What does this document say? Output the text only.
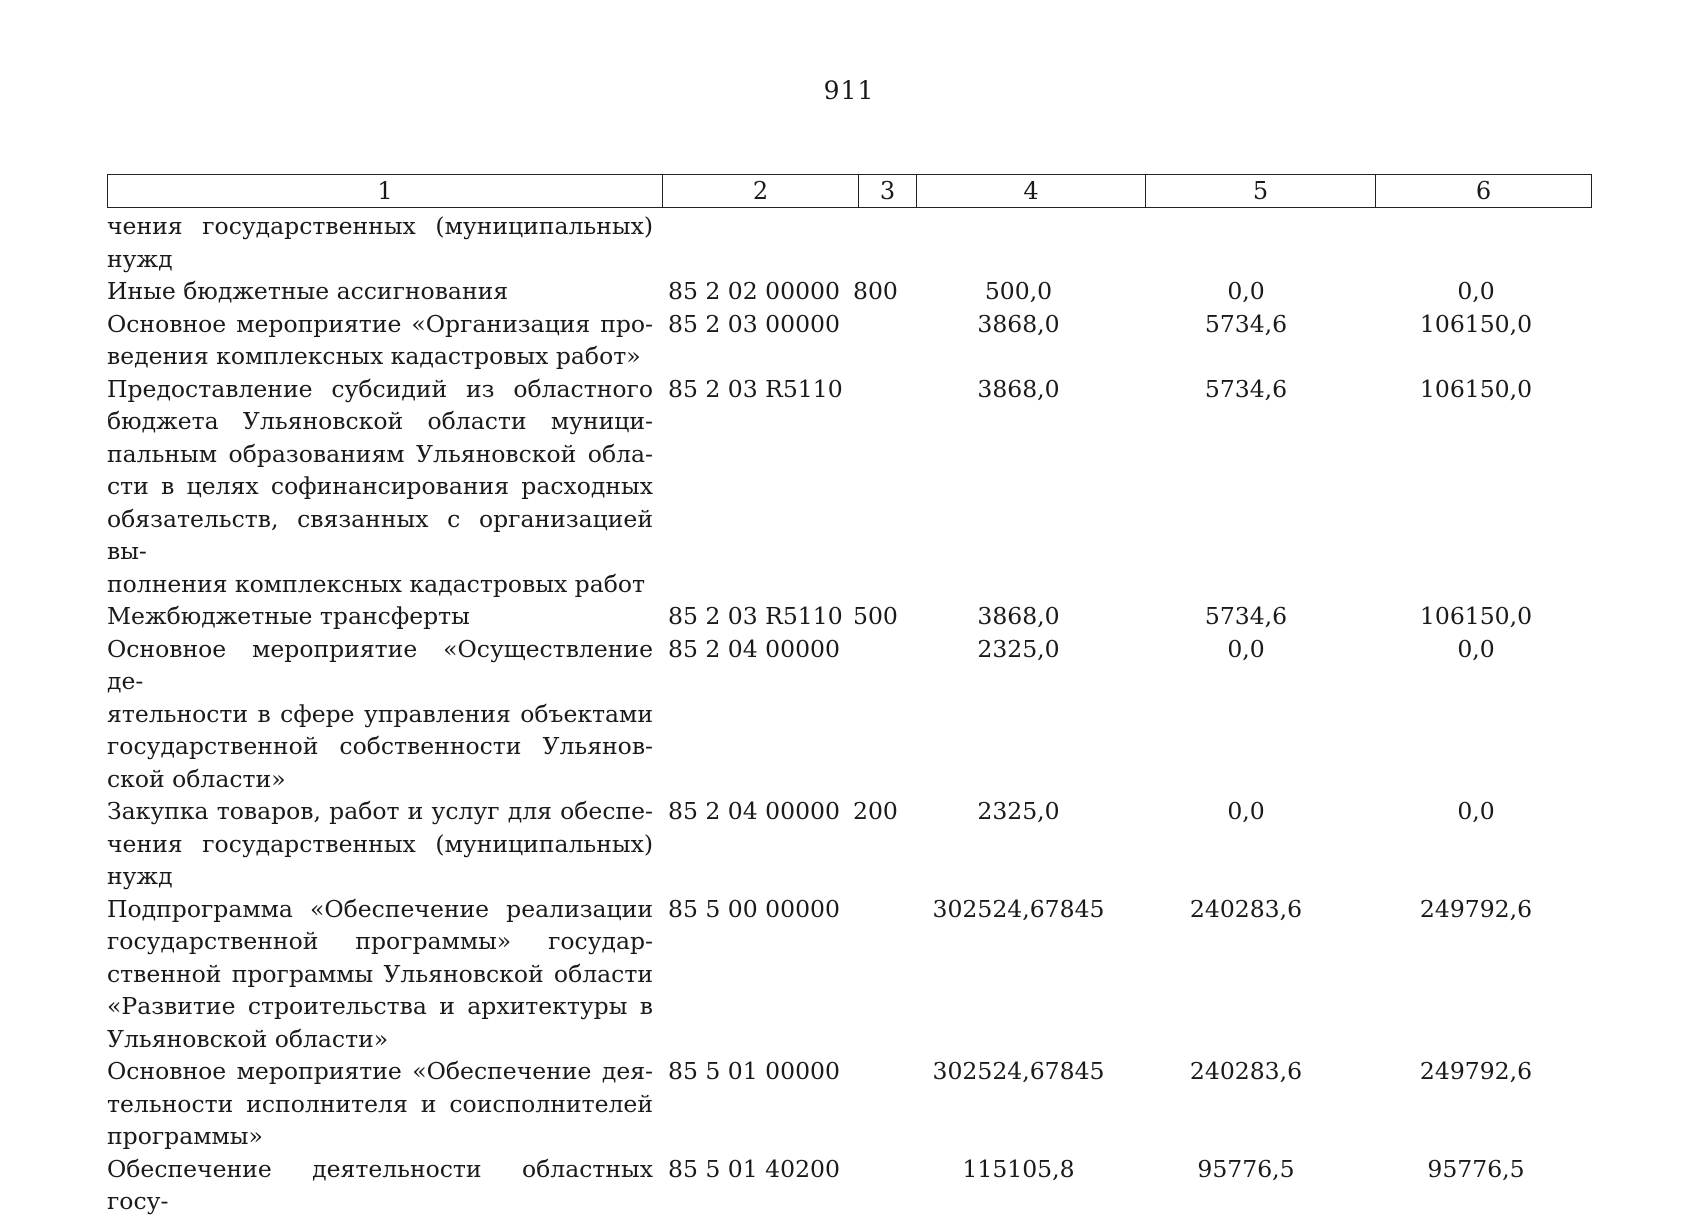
911
1	2	3	4	5	6
чения государственных (муниципальных)
нужд
Иные бюджетные ассигнования	85 2 02 00000 800	500,0	0,0	0,0
Основное мероприятие «Организация про-
ведения комплексных кадастровых работ»
85 2 03 00000	3868,0	5734,6	106150,0
Предоставление субсидий из областного
бюджета Ульяновской области муници-
пальным образованиям Ульяновской обла-
сти в целях софинансирования расходных
обязательств, связанных с организацией вы-
полнения комплексных кадастровых работ
85 2 03 R5110	3868,0	5734,6	106150,0
Межбюджетные трансферты	85 2 03 R5110 500	3868,0	5734,6	106150,0
Основное мероприятие «Осуществление де-
ятельности в сфере управления объектами
государственной собственности Ульянов-
ской области»
85 2 04 00000	2325,0	0,0	0,0
Закупка товаров, работ и услуг для обеспе-
чения государственных (муниципальных)
нужд
85 2 04 00000 200	2325,0	0,0	0,0
Подпрограмма «Обеспечение реализации
государственной программы» государ-
ственной программы Ульяновской области
«Развитие строительства и архитектуры в
Ульяновской области»
85 5 00 00000	302524,67845	240283,6	249792,6
Основное мероприятие «Обеспечение дея-
тельности исполнителя и соисполнителей
программы»
85 5 01 00000	302524,67845	240283,6	249792,6
Обеспечение деятельности областных госу-
85 5 01 40200	115105,8	95776,5	95776,5
